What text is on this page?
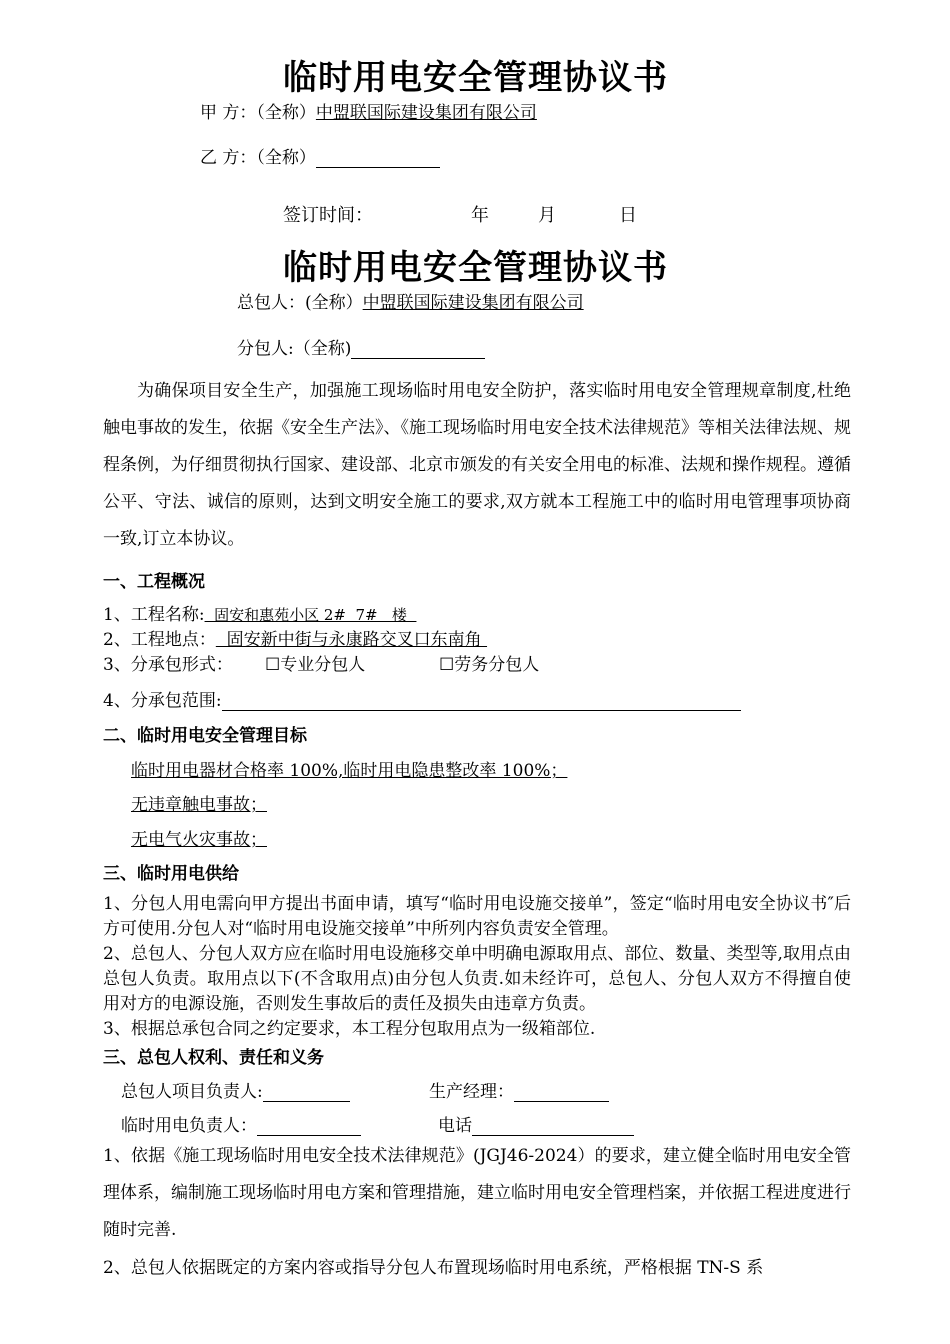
临时用电安全管理协议书
甲 方：（全称）中盟联国际建设集团有限公司
乙 方：（全称）
签订时间：	年	月	日
临时用电安全管理协议书
总包人：(全称）中盟联国际建设集团有限公司
分包人:（全称)
为确保项目安全生产，加强施工现场临时用电安全防护，落实临时用电安全管理规章制度,杜绝触电事故的发生，依据《安全生产法》、《施工现场临时用电安全技术法律规范》等相关法律法规、规程条例，为仔细贯彻执行国家、建设部、北京市颁发的有关安全用电的标准、法规和操作规程。遵循公平、守法、诚信的原则，达到文明安全施工的要求,双方就本工程施工中的临时用电管理事项协商一致,订立本协议。
一、工程概况
1、工程名称:  固安和惠苑小区 2#  7#   楼
2、工程地点：  固安新中街与永康路交叉口东南角
3、分承包形式： ☐专业分包人	☐劳务分包人
4、分承包范围:
二、临时用电安全管理目标
临时用电器材合格率 100%,临时用电隐患整改率 100%；
无违章触电事故；
无电气火灾事故；
三、临时用电供给
1、分包人用电需向甲方提出书面申请，填写“临时用电设施交接单”，签定“临时用电安全协议书″后方可使用.分包人对“临时用电设施交接单”中所列内容负责安全管理。
2、总包人、分包人双方应在临时用电设施移交单中明确电源取用点、部位、数量、类型等,取用点由总包人负责。取用点以下(不含取用点)由分包人负责.如未经许可，总包人、分包人双方不得擅自使用对方的电源设施，否则发生事故后的责任及损失由违章方负责。
3、根据总承包合同之约定要求，本工程分包取用点为一级箱部位.
三、总包人权利、责任和义务
总包人项目负责人:	生产经理：
临时用电负责人：	电话
1、依据《施工现场临时用电安全技术法律规范》(JGJ46-2024）的要求，建立健全临时用电安全管理体系，编制施工现场临时用电方案和管理措施，建立临时用电安全管理档案，并依据工程进度进行随时完善.
2、总包人依据既定的方案内容或指导分包人布置现场临时用电系统，严格根据 TN-S 系
